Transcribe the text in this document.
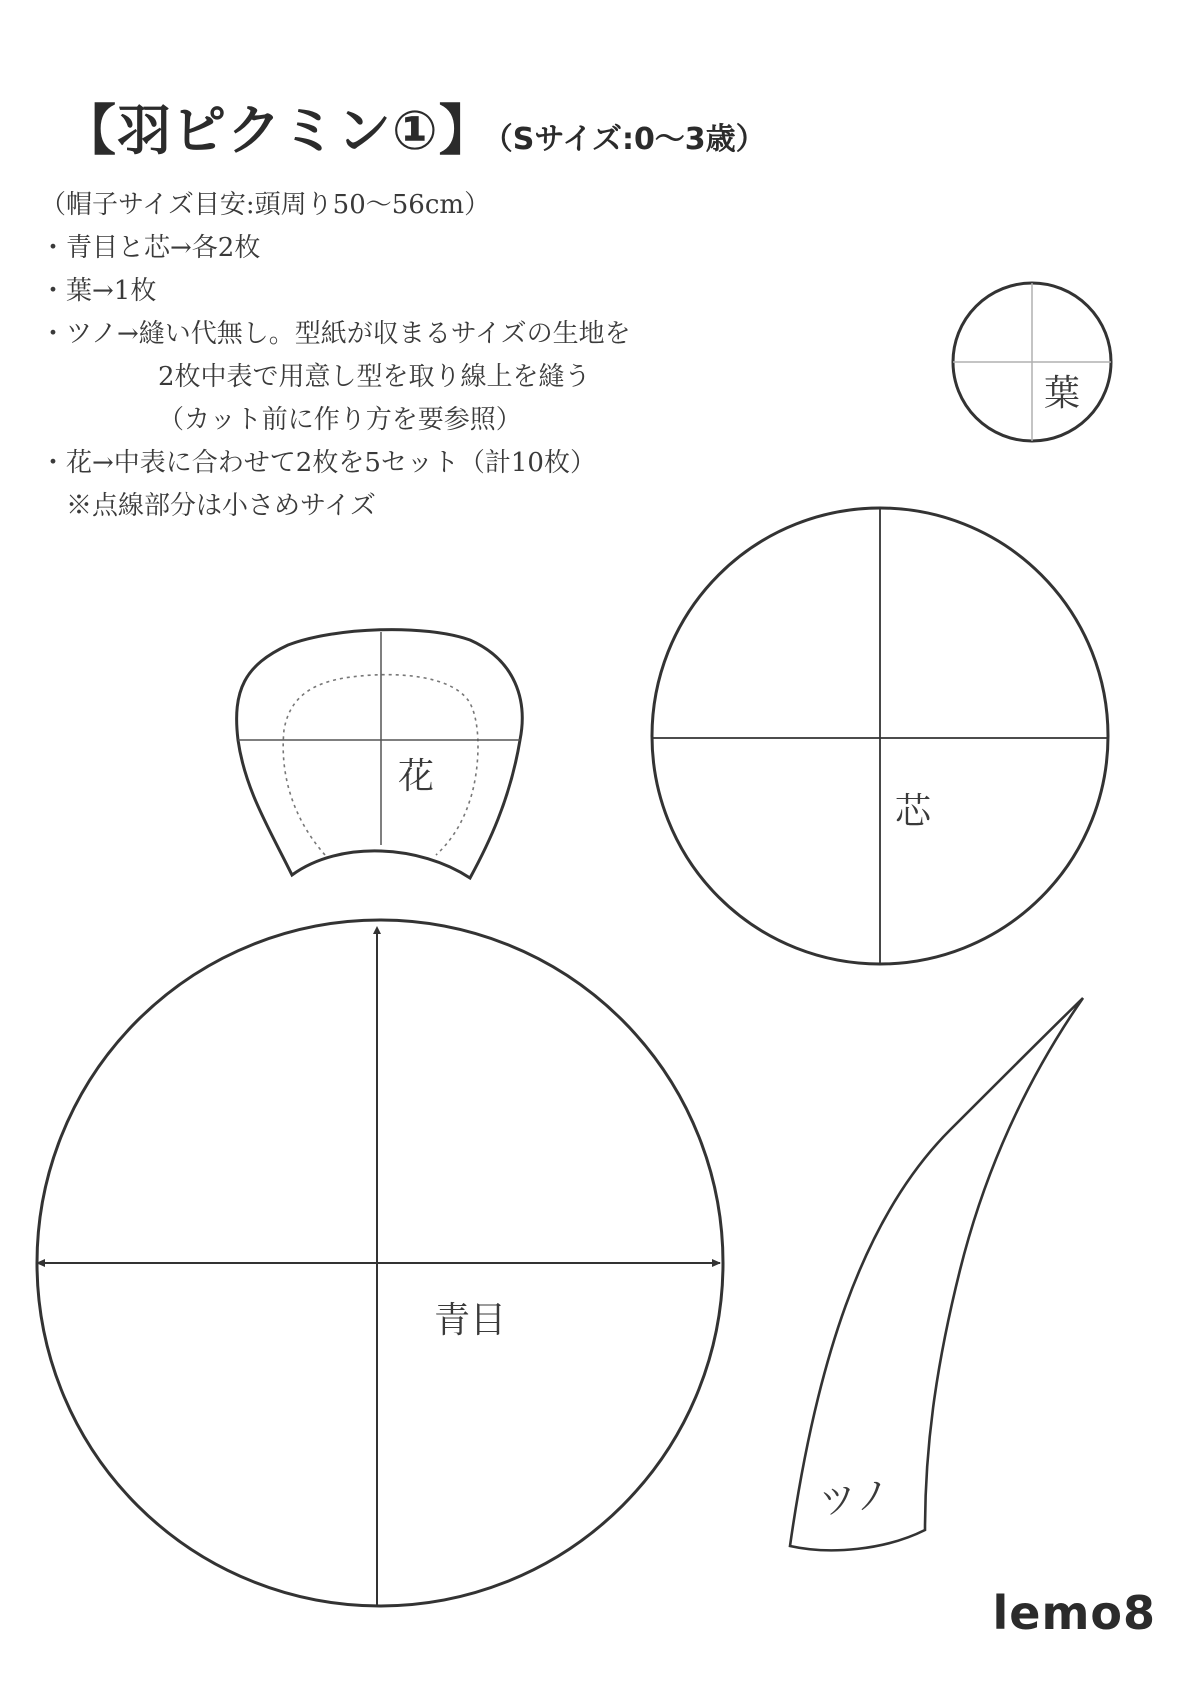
【羽ピクミン①】 （Sサイズ:0〜3歳）
（帽子サイズ目安:頭周り50〜56cm）
・青目と芯→各2枚
・葉→1枚
・ツノ→縫い代無し。型紙が収まるサイズの生地を
2枚中表で用意し型を取り線上を縫う
（カット前に作り方を要参照）
・花→中表に合わせて2枚を5セット（計10枚）
※点線部分は小さめサイズ
葉
花
芯
青目
ツノ
lemo8
